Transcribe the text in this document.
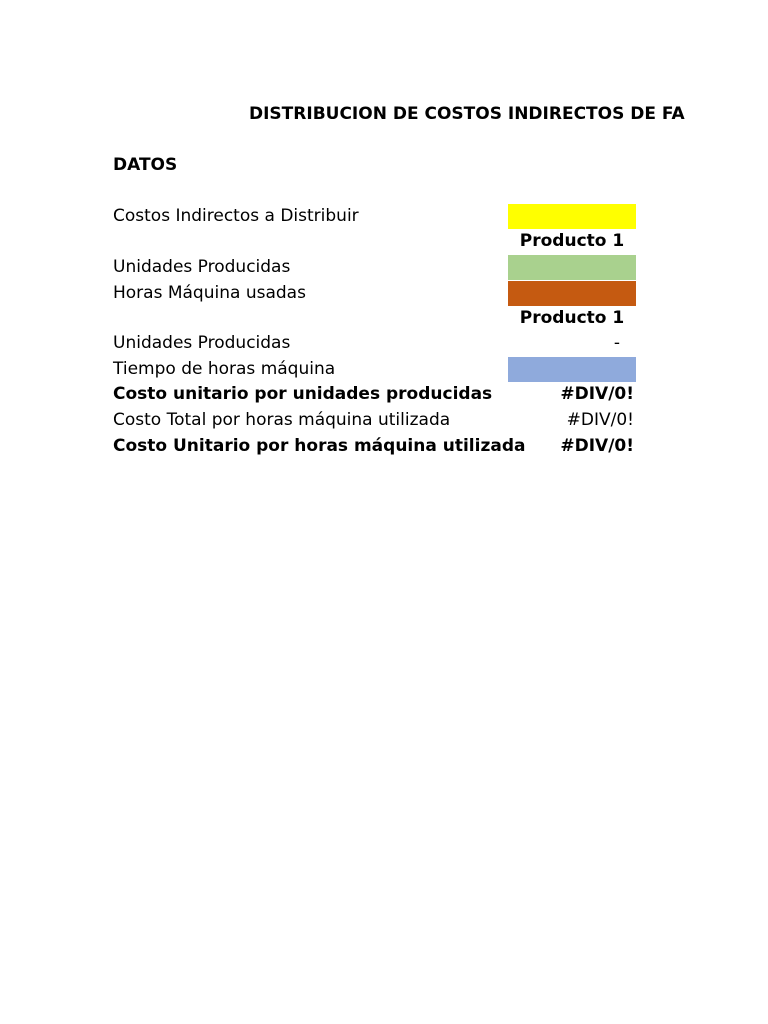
DISTRIBUCION DE COSTOS INDIRECTOS DE FA
DATOS
Costos Indirectos a Distribuir
Producto 1
Unidades Producidas
Horas Máquina usadas
Producto 1
Unidades Producidas	-
Tiempo de horas máquina
Costo unitario por unidades producidas	#DIV/0!
Costo Total por horas máquina utilizada	#DIV/0!
Costo Unitario por horas máquina utilizada	#DIV/0!
